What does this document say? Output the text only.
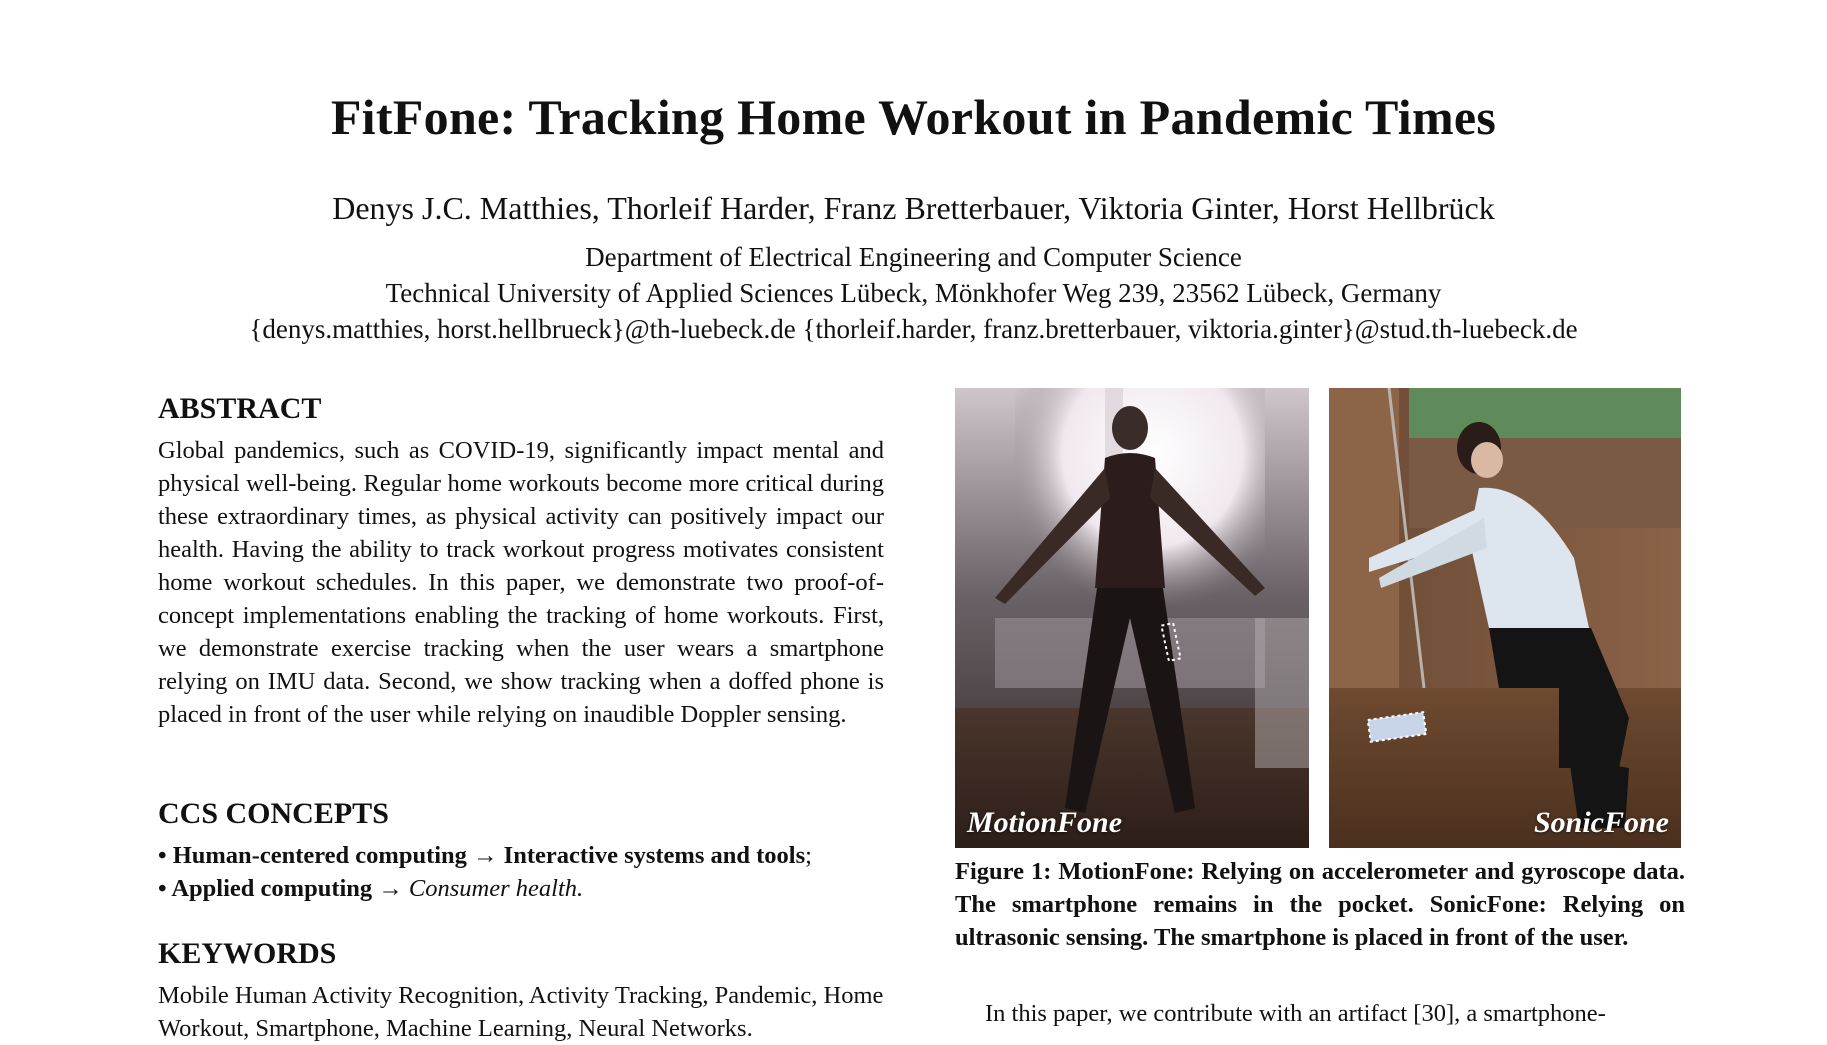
FitFone: Tracking Home Workout in Pandemic Times
Denys J.C. Matthies, Thorleif Harder, Franz Bretterbauer, Viktoria Ginter, Horst Hellbrück
Department of Electrical Engineering and Computer Science
Technical University of Applied Sciences Lübeck, Mönkhofer Weg 239, 23562 Lübeck, Germany
{denys.matthies, horst.hellbrueck}@th-luebeck.de {thorleif.harder, franz.bretterbauer, viktoria.ginter}@stud.th-luebeck.de
ABSTRACT

Global pandemics, such as COVID-19, significantly impact mental and physical well-being. Regular home workouts become more critical during these extraordinary times, as physical activity can positively impact our health. Having the ability to track workout progress motivates consistent home workout schedules. In this paper, we demonstrate two proof-of-concept implementations enabling the tracking of home workouts. First, we demonstrate exercise tracking when the user wears a smartphone relying on IMU data. Second, we show tracking when a doffed phone is placed in front of the user while relying on inaudible Doppler sensing.

CCS CONCEPTS

• Human-centered computing → Interactive systems and tools;

• Applied computing → Consumer health.

KEYWORDS

Mobile Human Activity Recognition, Activity Tracking, Pandemic, Home Workout, Smartphone, Machine Learning, Neural Networks.

MotionFone	SonicFone

Figure 1: MotionFone: Relying on accelerometer and gyroscope data. The smartphone remains in the pocket. SonicFone: Relying on ultrasonic sensing. The smartphone is placed in front of the user.

In this paper, we contribute with an artifact [30], a smartphone-
